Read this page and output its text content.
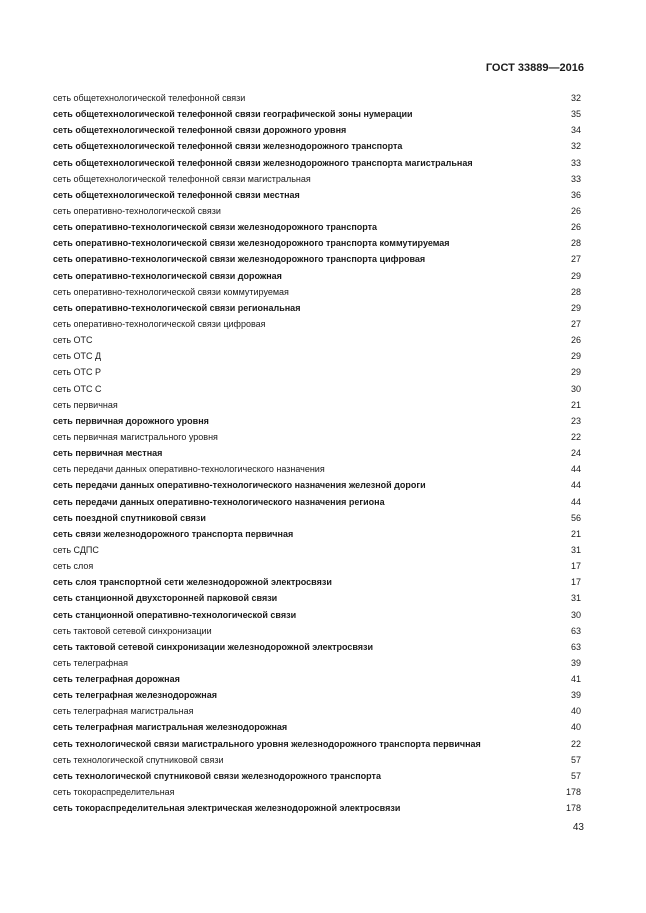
ГОСТ 33889—2016
сеть общетехнологической телефонной связи	32
сеть общетехнологической телефонной связи географической зоны нумерации	35
сеть общетехнологической телефонной связи дорожного уровня	34
сеть общетехнологической телефонной связи железнодорожного транспорта	32
сеть общетехнологической телефонной связи железнодорожного транспорта магистральная	33
сеть общетехнологической телефонной связи магистральная	33
сеть общетехнологической телефонной связи местная	36
сеть оперативно-технологической связи	26
сеть оперативно-технологической связи железнодорожного транспорта	26
сеть оперативно-технологической связи железнодорожного транспорта коммутируемая	28
сеть оперативно-технологической связи железнодорожного транспорта цифровая	27
сеть оперативно-технологической связи дорожная	29
сеть оперативно-технологической связи коммутируемая	28
сеть оперативно-технологической связи региональная	29
сеть оперативно-технологической связи цифровая	27
сеть ОТС	26
сеть ОТС Д	29
сеть ОТС Р	29
сеть ОТС С	30
сеть первичная	21
сеть первичная дорожного уровня	23
сеть первичная магистрального уровня	22
сеть первичная местная	24
сеть передачи данных оперативно-технологического назначения	44
сеть передачи данных оперативно-технологического назначения железной дороги	44
сеть передачи данных оперативно-технологического назначения региона	44
сеть поездной спутниковой связи	56
сеть связи железнодорожного транспорта первичная	21
сеть СДПС	31
сеть слоя	17
сеть слоя транспортной сети железнодорожной электросвязи	17
сеть станционной двухсторонней парковой связи	31
сеть станционной оперативно-технологической связи	30
сеть тактовой сетевой синхронизации	63
сеть тактовой сетевой синхронизации железнодорожной электросвязи	63
сеть телеграфная	39
сеть телеграфная дорожная	41
сеть телеграфная железнодорожная	39
сеть телеграфная магистральная	40
сеть телеграфная магистральная железнодорожная	40
сеть технологической связи магистрального уровня железнодорожного транспорта первичная	22
сеть технологической спутниковой связи	57
сеть технологической спутниковой связи железнодорожного транспорта	57
сеть токораспределительная	178
сеть токораспределительная электрическая железнодорожной электросвязи	178
43
